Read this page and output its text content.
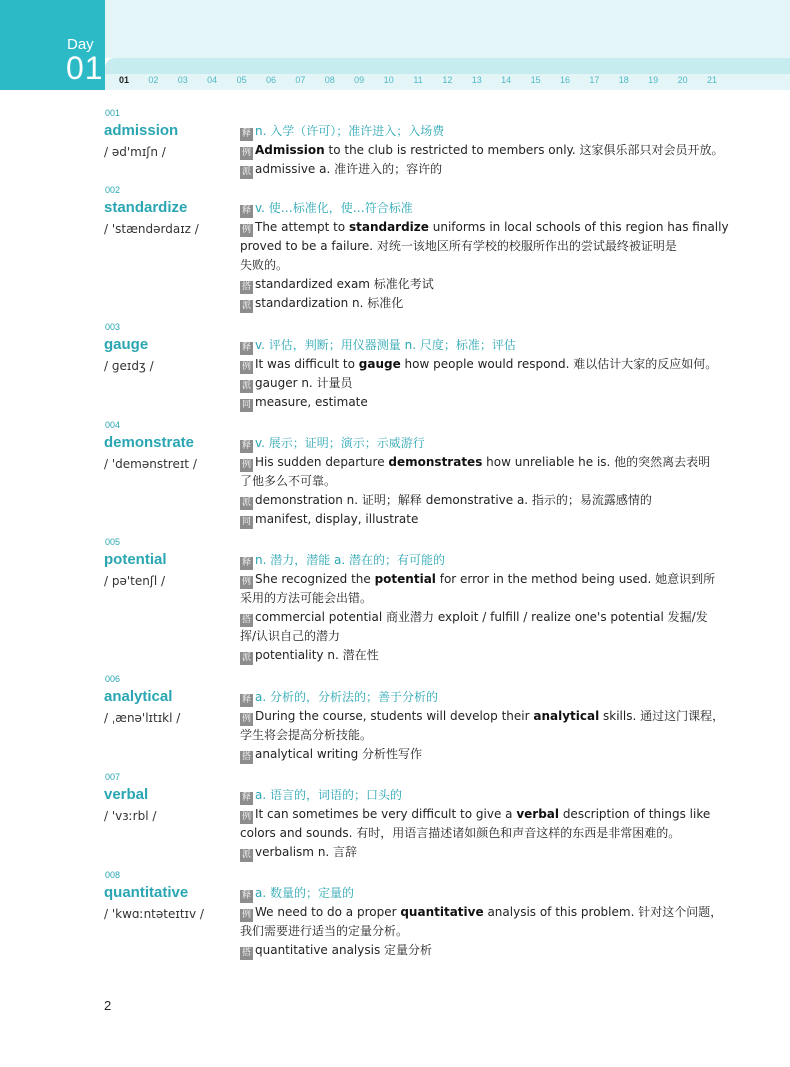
Day
01	01	02	03	04	05	06	07	08	09	10	11	12	13	14	15	16	17	18	19	20	21
001
admission
/ əd'mɪʃn /
释 n. 入学（许可）；准许进入；入场费
例 Admission to the club is restricted to members only. 这家俱乐部只对会员开放。
派 admissive a. 准许进入的；容许的
002
standardize
/ 'stændərdaɪz /
释 v. 使…标准化，使…符合标准
例 The attempt to standardize uniforms in local schools of this region has finally
proved to be a failure. 对统一该地区所有学校的校服所作出的尝试最终被证明是
失败的。
搭 standardized exam 标准化考试
派 standardization n. 标准化
003
gauge
/ ɡeɪdʒ /
释 v. 评估，判断；用仪器测量 n. 尺度；标准；评估
例 It was difficult to gauge how people would respond. 难以估计大家的反应如何。
派 gauger n. 计量员
同 measure, estimate
004
demonstrate
/ 'demənstreɪt /
释 v. 展示；证明；演示；示威游行
例 His sudden departure demonstrates how unreliable he is. 他的突然离去表明
了他多么不可靠。
派 demonstration n. 证明；解释 demonstrative a. 指示的；易流露感情的
同 manifest, display, illustrate
005
potential
/ pə'tenʃl /
释 n. 潜力，潜能 a. 潜在的；有可能的
例 She recognized the potential for error in the method being used. 她意识到所
采用的方法可能会出错。
搭 commercial potential 商业潜力 exploit / fulfill / realize one's potential 发掘/发
挥/认识自己的潜力
派 potentiality n. 潜在性
006
analytical
/ ˌænə'lɪtɪkl /
释 a. 分析的，分析法的；善于分析的
例 During the course, students will develop their analytical skills. 通过这门课程，
学生将会提高分析技能。
搭 analytical writing 分析性写作
007
verbal
/ 'vɜːrbl /
释 a. 语言的，词语的；口头的
例 It can sometimes be very difficult to give a verbal description of things like
colors and sounds. 有时，用语言描述诸如颜色和声音这样的东西是非常困难的。
派 verbalism n. 言辞
008
quantitative
/ 'kwɑːntəteɪtɪv /
释 a. 数量的；定量的
例 We need to do a proper quantitative analysis of this problem. 针对这个问题，
我们需要进行适当的定量分析。
搭 quantitative analysis 定量分析
2
